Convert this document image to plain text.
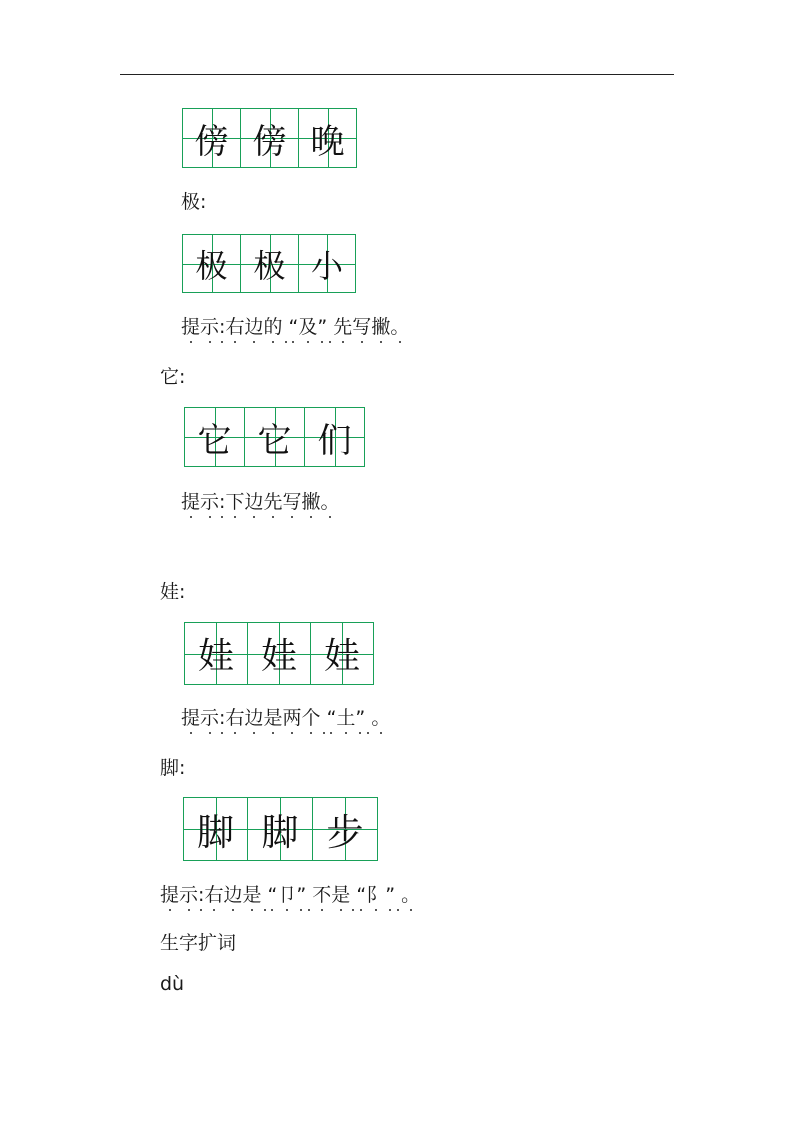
傍 傍 晚
极:
极 极 小
提示:右边的 “及” 先写撇。
它:
它 它 们
提示:下边先写撇。
娃:
娃 娃 娃
提示:右边是两个 “土” 。
脚:
脚 脚 步
提示:右边是 “卩” 不是 “阝” 。
生字扩词
dù
